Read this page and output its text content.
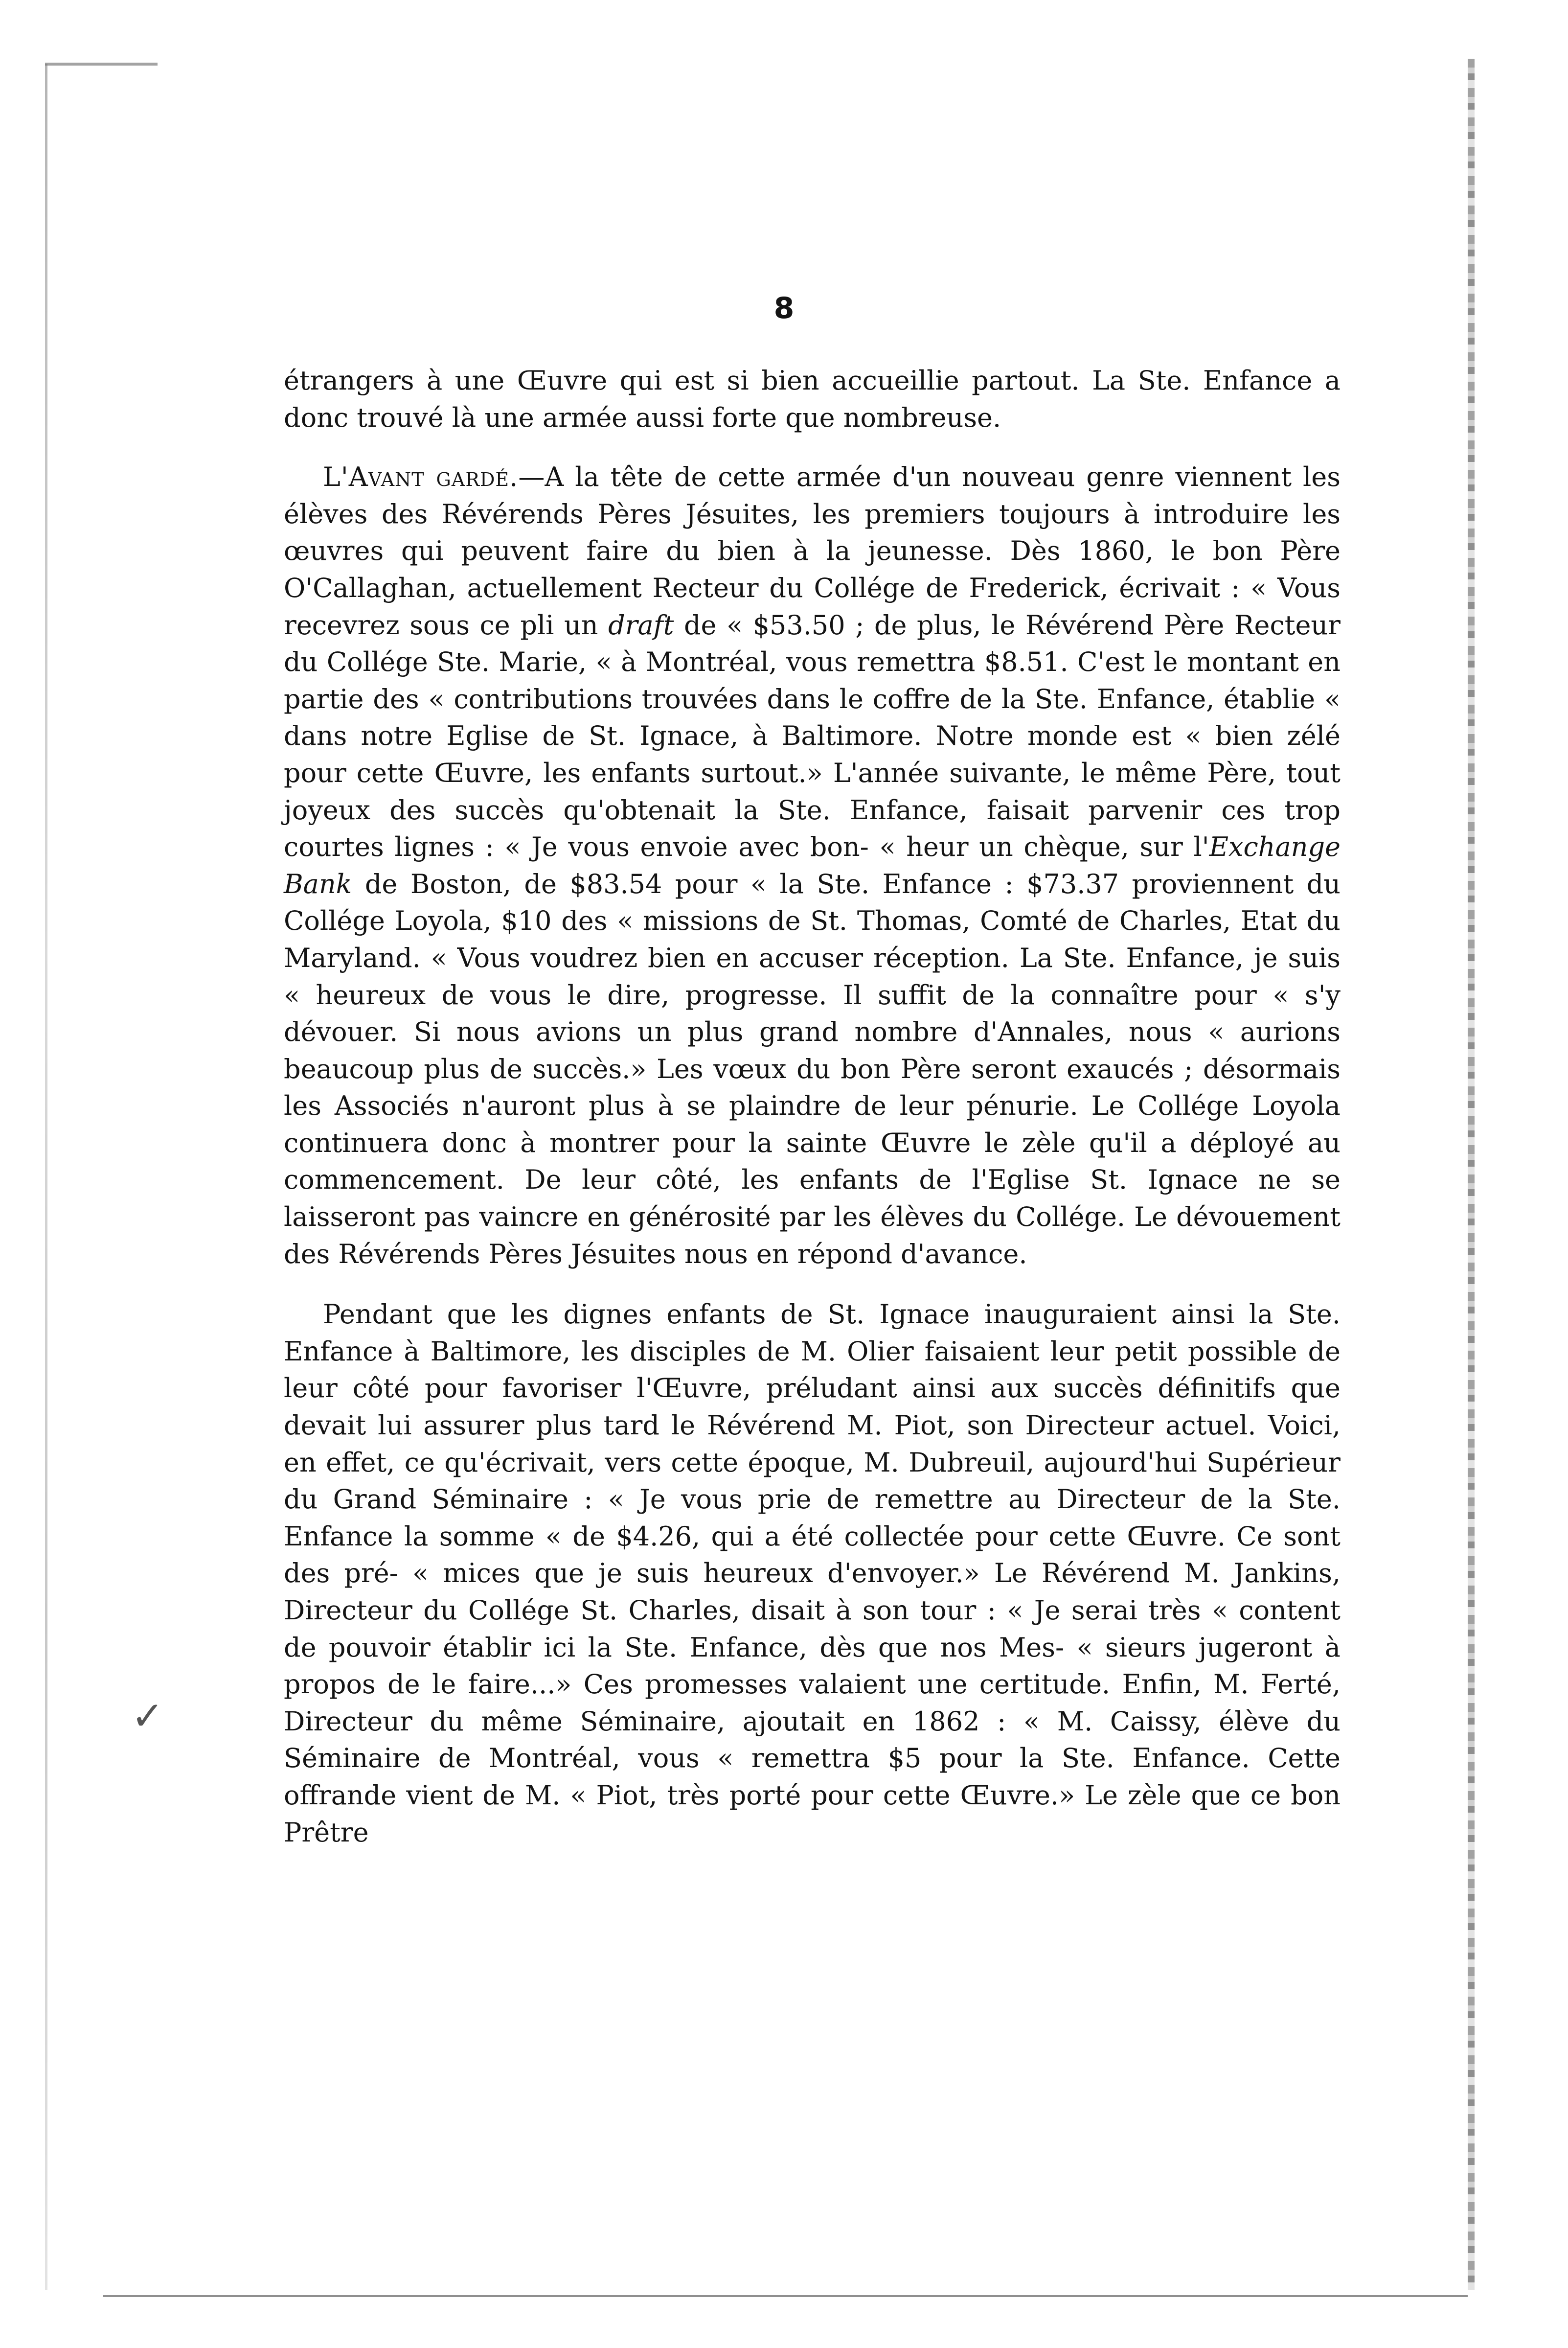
8
✓

étrangers à une Œuvre qui est si bien accueillie partout. La Ste. Enfance a donc trouvé là une armée aussi forte que nombreuse.

L'Avant gardé.—A la tête de cette armée d'un nouveau genre viennent les élèves des Révérends Pères Jésuites, les premiers toujours à introduire les œuvres qui peuvent faire du bien à la jeunesse. Dès 1860, le bon Père O'Callaghan, actuellement Recteur du Collége de Frederick, écrivait : « Vous recevrez sous ce pli un draft de « $53.50 ; de plus, le Révérend Père Recteur du Collége Ste. Marie, « à Montréal, vous remettra $8.51. C'est le montant en partie des « contributions trouvées dans le coffre de la Ste. Enfance, établie « dans notre Eglise de St. Ignace, à Baltimore. Notre monde est « bien zélé pour cette Œuvre, les enfants surtout.» L'année suivante, le même Père, tout joyeux des succès qu'obtenait la Ste. Enfance, faisait parvenir ces trop courtes lignes : « Je vous envoie avec bon- « heur un chèque, sur l'Exchange Bank de Boston, de $83.54 pour « la Ste. Enfance : $73.37 proviennent du Collége Loyola, $10 des « missions de St. Thomas, Comté de Charles, Etat du Maryland. « Vous voudrez bien en accuser réception. La Ste. Enfance, je suis « heureux de vous le dire, progresse. Il suffit de la connaître pour « s'y dévouer. Si nous avions un plus grand nombre d'Annales, nous « aurions beaucoup plus de succès.» Les vœux du bon Père seront exaucés ; désormais les Associés n'auront plus à se plaindre de leur pénurie. Le Collége Loyola continuera donc à montrer pour la sainte Œuvre le zèle qu'il a déployé au commencement. De leur côté, les enfants de l'Eglise St. Ignace ne se laisseront pas vaincre en générosité par les élèves du Collége. Le dévouement des Révérends Pères Jésuites nous en répond d'avance.

Pendant que les dignes enfants de St. Ignace inauguraient ainsi la Ste. Enfance à Baltimore, les disciples de M. Olier faisaient leur petit possible de leur côté pour favoriser l'Œuvre, préludant ainsi aux succès définitifs que devait lui assurer plus tard le Révérend M. Piot, son Directeur actuel. Voici, en effet, ce qu'écrivait, vers cette époque, M. Dubreuil, aujourd'hui Supérieur du Grand Séminaire : « Je vous prie de remettre au Directeur de la Ste. Enfance la somme « de $4.26, qui a été collectée pour cette Œuvre. Ce sont des pré- « mices que je suis heureux d'envoyer.» Le Révérend M. Jankins, Directeur du Collége St. Charles, disait à son tour : « Je serai très « content de pouvoir établir ici la Ste. Enfance, dès que nos Mes- « sieurs jugeront à propos de le faire...» Ces promesses valaient une certitude. Enfin, M. Ferté, Directeur du même Séminaire, ajoutait en 1862 : « M. Caissy, élève du Séminaire de Montréal, vous « remettra $5 pour la Ste. Enfance. Cette offrande vient de M. « Piot, très porté pour cette Œuvre.» Le zèle que ce bon Prêtre
